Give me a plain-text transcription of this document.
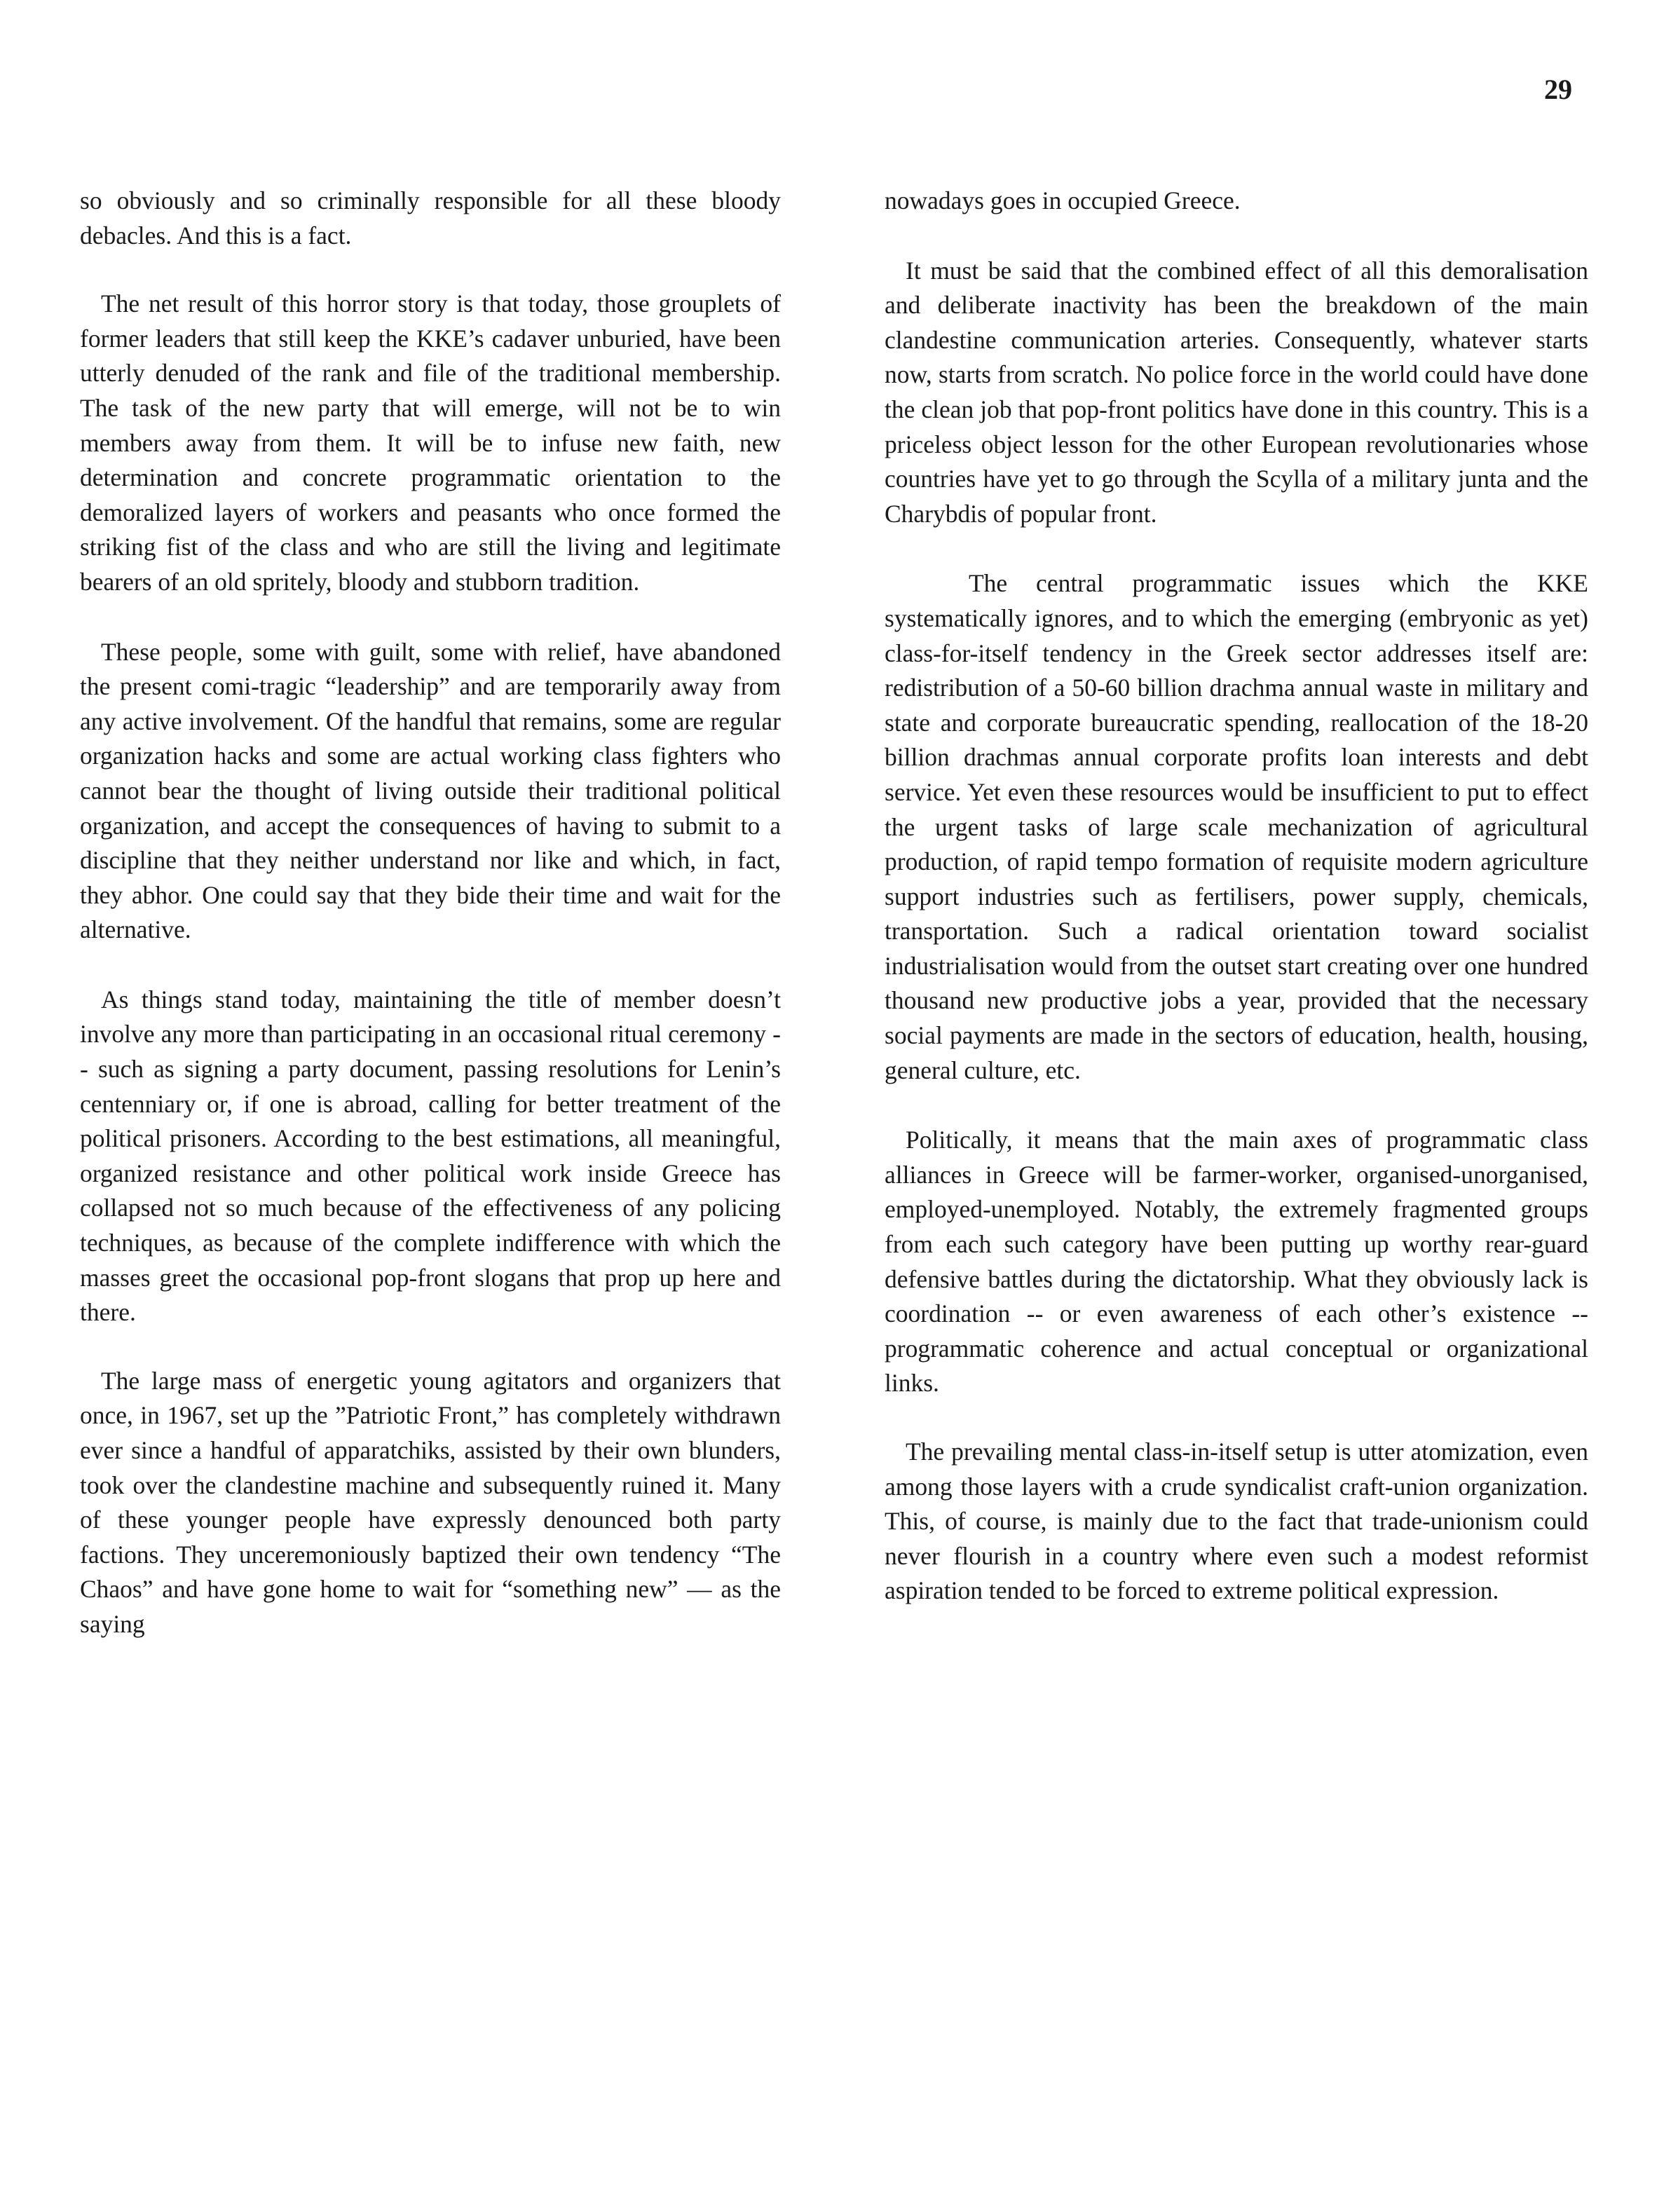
29

so obviously and so criminally responsible for all these bloody debacles. And this is a fact.

The net result of this horror story is that today, those grouplets of former leaders that still keep the KKE’s cadaver unburied, have been utterly denuded of the rank and file of the traditional membership. The task of the new party that will emerge, will not be to win members away from them. It will be to infuse new faith, new determination and concrete programmatic orientation to the demoralized layers of workers and peasants who once formed the striking fist of the class and who are still the living and legitimate bearers of an old spritely, bloody and stubborn tradition.

These people, some with guilt, some with relief, have abandoned the present comi-tragic “leadership” and are temporarily away from any active involvement. Of the handful that remains, some are regular organization hacks and some are actual working class fighters who cannot bear the thought of living outside their traditional political organization, and accept the consequences of having to submit to a discipline that they neither understand nor like and which, in fact, they abhor. One could say that they bide their time and wait for the alternative.

As things stand today, maintaining the title of member doesn’t involve any more than participating in an occasional ritual ceremony -- such as signing a party document, passing resolutions for Lenin’s centenniary or, if one is abroad, calling for better treatment of the political prisoners. According to the best estimations, all meaningful, organized resistance and other political work inside Greece has collapsed not so much because of the effectiveness of any policing techniques, as because of the complete indifference with which the masses greet the occasional pop-front slogans that prop up here and there.

The large mass of energetic young agitators and organizers that once, in 1967, set up the ”Patriotic Front,” has completely withdrawn ever since a handful of apparatchiks, assisted by their own blunders, took over the clandestine machine and subsequently ruined it. Many of these younger people have expressly denounced both party factions. They unceremoniously baptized their own tendency “The Chaos” and have gone home to wait for “something new” — as the saying

nowadays goes in occupied Greece.

It must be said that the combined effect of all this demoralisation and deliberate inactivity has been the breakdown of the main clandestine communication arteries. Consequently, whatever starts now, starts from scratch. No police force in the world could have done the clean job that pop-front politics have done in this country. This is a priceless object lesson for the other European revolutionaries whose countries have yet to go through the Scylla of a military junta and the Charybdis of popular front.

The central programmatic issues which the KKE systematically ignores, and to which the emerging (embryonic as yet) class-for-itself tendency in the Greek sector addresses itself are: redistribution of a 50-60 billion drachma annual waste in military and state and corporate bureaucratic spending, reallocation of the 18-20 billion drachmas annual corporate profits loan interests and debt service. Yet even these resources would be insufficient to put to effect the urgent tasks of large scale mechanization of agricultural production, of rapid tempo formation of requisite modern agriculture support industries such as fertilisers, power supply, chemicals, transportation. Such a radical orientation toward socialist industrialisation would from the outset start creating over one hundred thousand new productive jobs a year, provided that the necessary social payments are made in the sectors of education, health, housing, general culture, etc.

Politically, it means that the main axes of programmatic class alliances in Greece will be farmer-worker, organised-unorganised, employed-unemployed. Notably, the extremely fragmented groups from each such category have been putting up worthy rear-guard defensive battles during the dictatorship. What they obviously lack is coordination -- or even awareness of each other’s existence -- programmatic coherence and actual conceptual or organizational links.

The prevailing mental class-in-itself setup is utter atomization, even among those layers with a crude syndicalist craft-union organization. This, of course, is mainly due to the fact that trade-unionism could never flourish in a country where even such a modest reformist aspiration tended to be forced to extreme political expression.
